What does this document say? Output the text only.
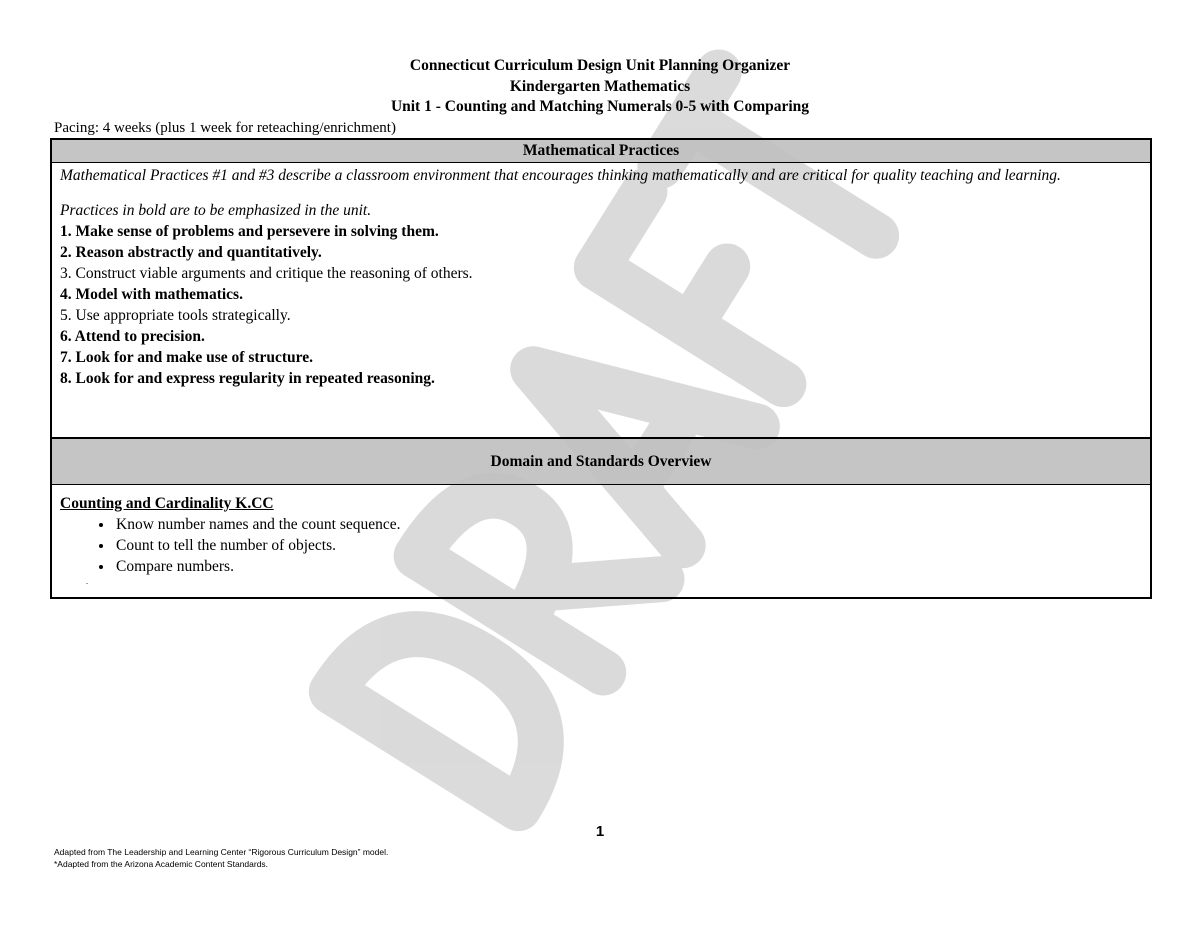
Connecticut Curriculum Design Unit Planning Organizer
Kindergarten Mathematics
Unit 1 - Counting and Matching Numerals 0-5 with Comparing
Pacing: 4 weeks (plus 1 week for reteaching/enrichment)
Mathematical Practices

Mathematical Practices #1 and #3 describe a classroom environment that encourages thinking mathematically and are critical for quality teaching and learning.

Practices in bold are to be emphasized in the unit.

1. Make sense of problems and persevere in solving them.

2. Reason abstractly and quantitatively.

3. Construct viable arguments and critique the reasoning of others.

4. Model with mathematics.

5. Use appropriate tools strategically.

6. Attend to precision.

7. Look for and make use of structure.

8. Look for and express regularity in repeated reasoning.

Domain and Standards Overview

Counting and Cardinality K.CC

• Know number names and the count sequence.
• Count to tell the number of objects.
• Compare numbers.
.
1
Adapted from The Leadership and Learning Center “Rigorous Curriculum Design” model.
*Adapted from the Arizona Academic Content Standards.
